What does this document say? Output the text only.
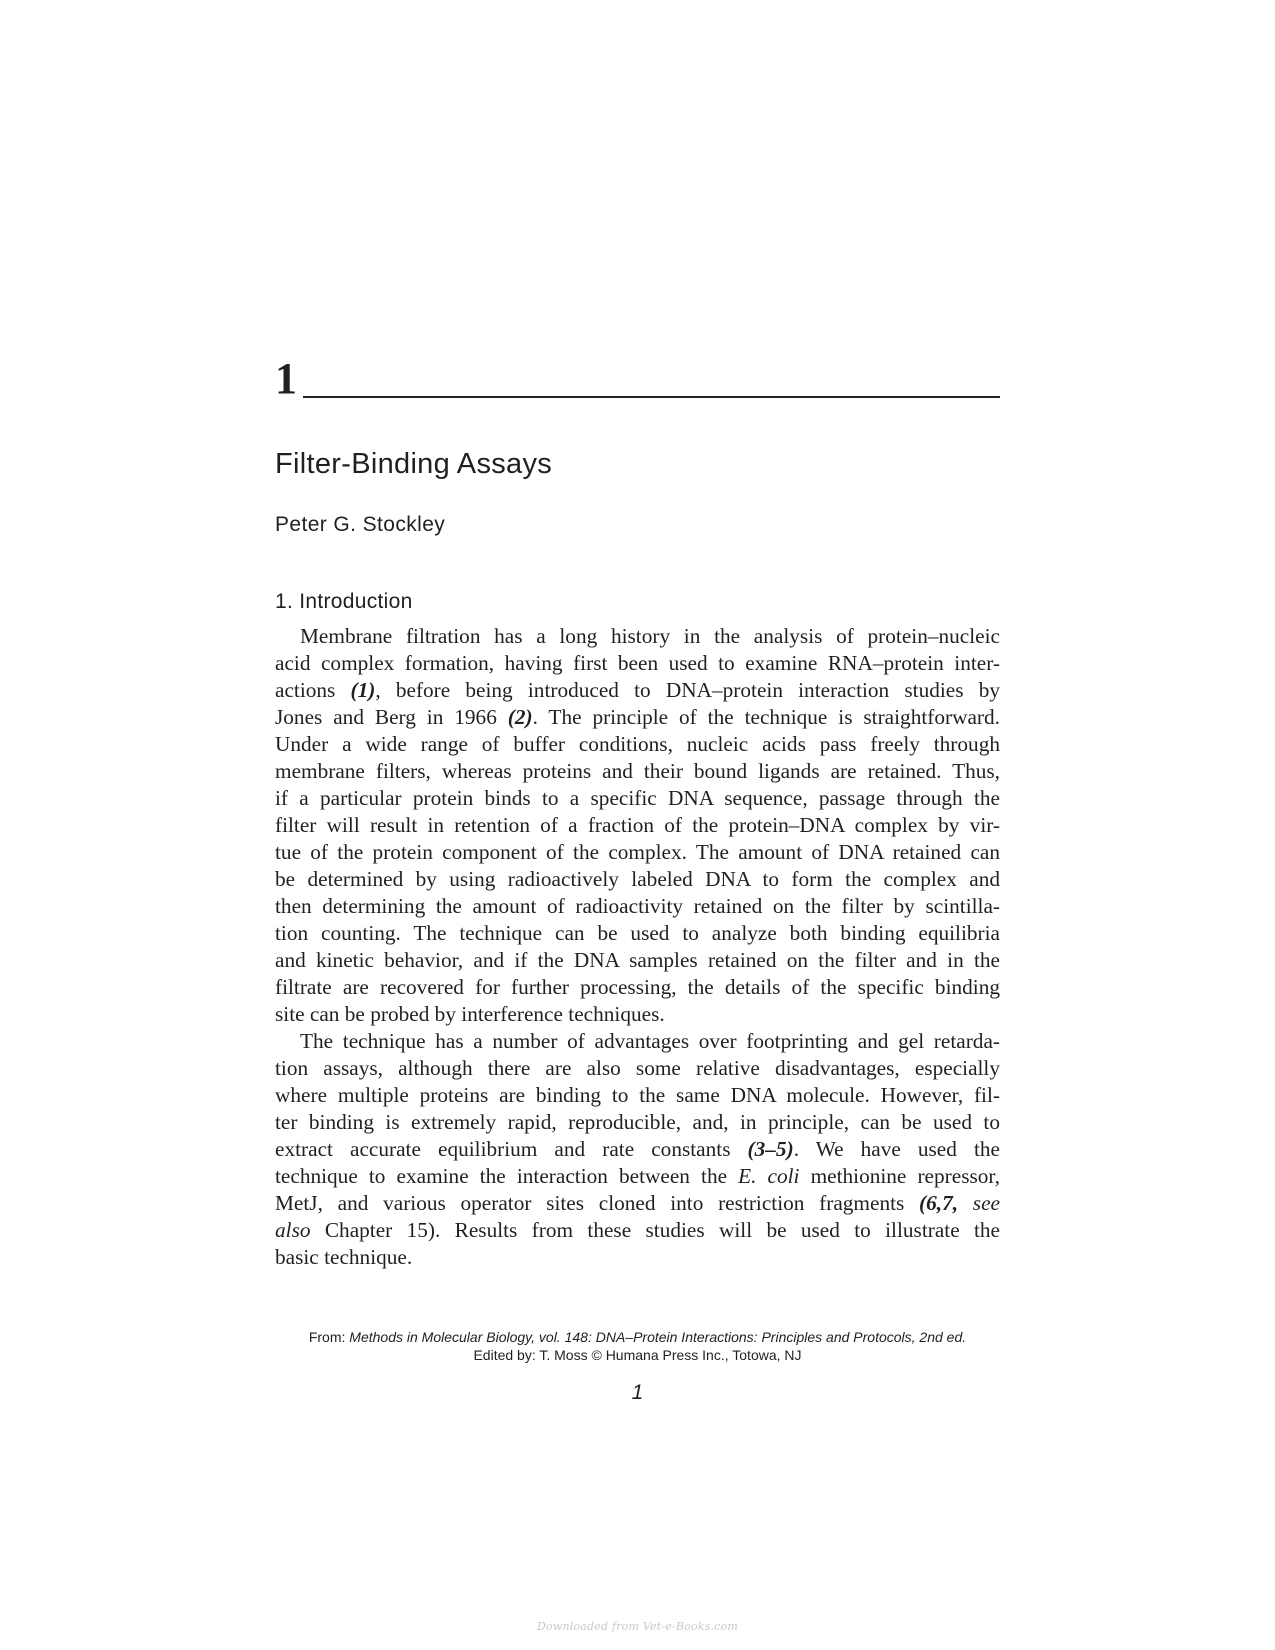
1
Filter-Binding Assays
Peter G. Stockley
1. Introduction
Membrane filtration has a long history in the analysis of protein–nucleic
acid complex formation, having first been used to examine RNA–protein inter-
actions (1), before being introduced to DNA–protein interaction studies by
Jones and Berg in 1966 (2). The principle of the technique is straightforward.
Under a wide range of buffer conditions, nucleic acids pass freely through
membrane filters, whereas proteins and their bound ligands are retained. Thus,
if a particular protein binds to a specific DNA sequence, passage through the
filter will result in retention of a fraction of the protein–DNA complex by vir-
tue of the protein component of the complex. The amount of DNA retained can
be determined by using radioactively labeled DNA to form the complex and
then determining the amount of radioactivity retained on the filter by scintilla-
tion counting. The technique can be used to analyze both binding equilibria
and kinetic behavior, and if the DNA samples retained on the filter and in the
filtrate are recovered for further processing, the details of the specific binding
site can be probed by interference techniques.
The technique has a number of advantages over footprinting and gel retarda-
tion assays, although there are also some relative disadvantages, especially
where multiple proteins are binding to the same DNA molecule. However, fil-
ter binding is extremely rapid, reproducible, and, in principle, can be used to
extract accurate equilibrium and rate constants (3–5). We have used the
technique to examine the interaction between the E. coli methionine repressor,
MetJ, and various operator sites cloned into restriction fragments (6,7, see
also Chapter 15). Results from these studies will be used to illustrate the
basic technique.
From: Methods in Molecular Biology, vol. 148: DNA–Protein Interactions: Principles and Protocols, 2nd ed.
Edited by: T. Moss © Humana Press Inc., Totowa, NJ
1
Downloaded from Vet-e-Books.com
